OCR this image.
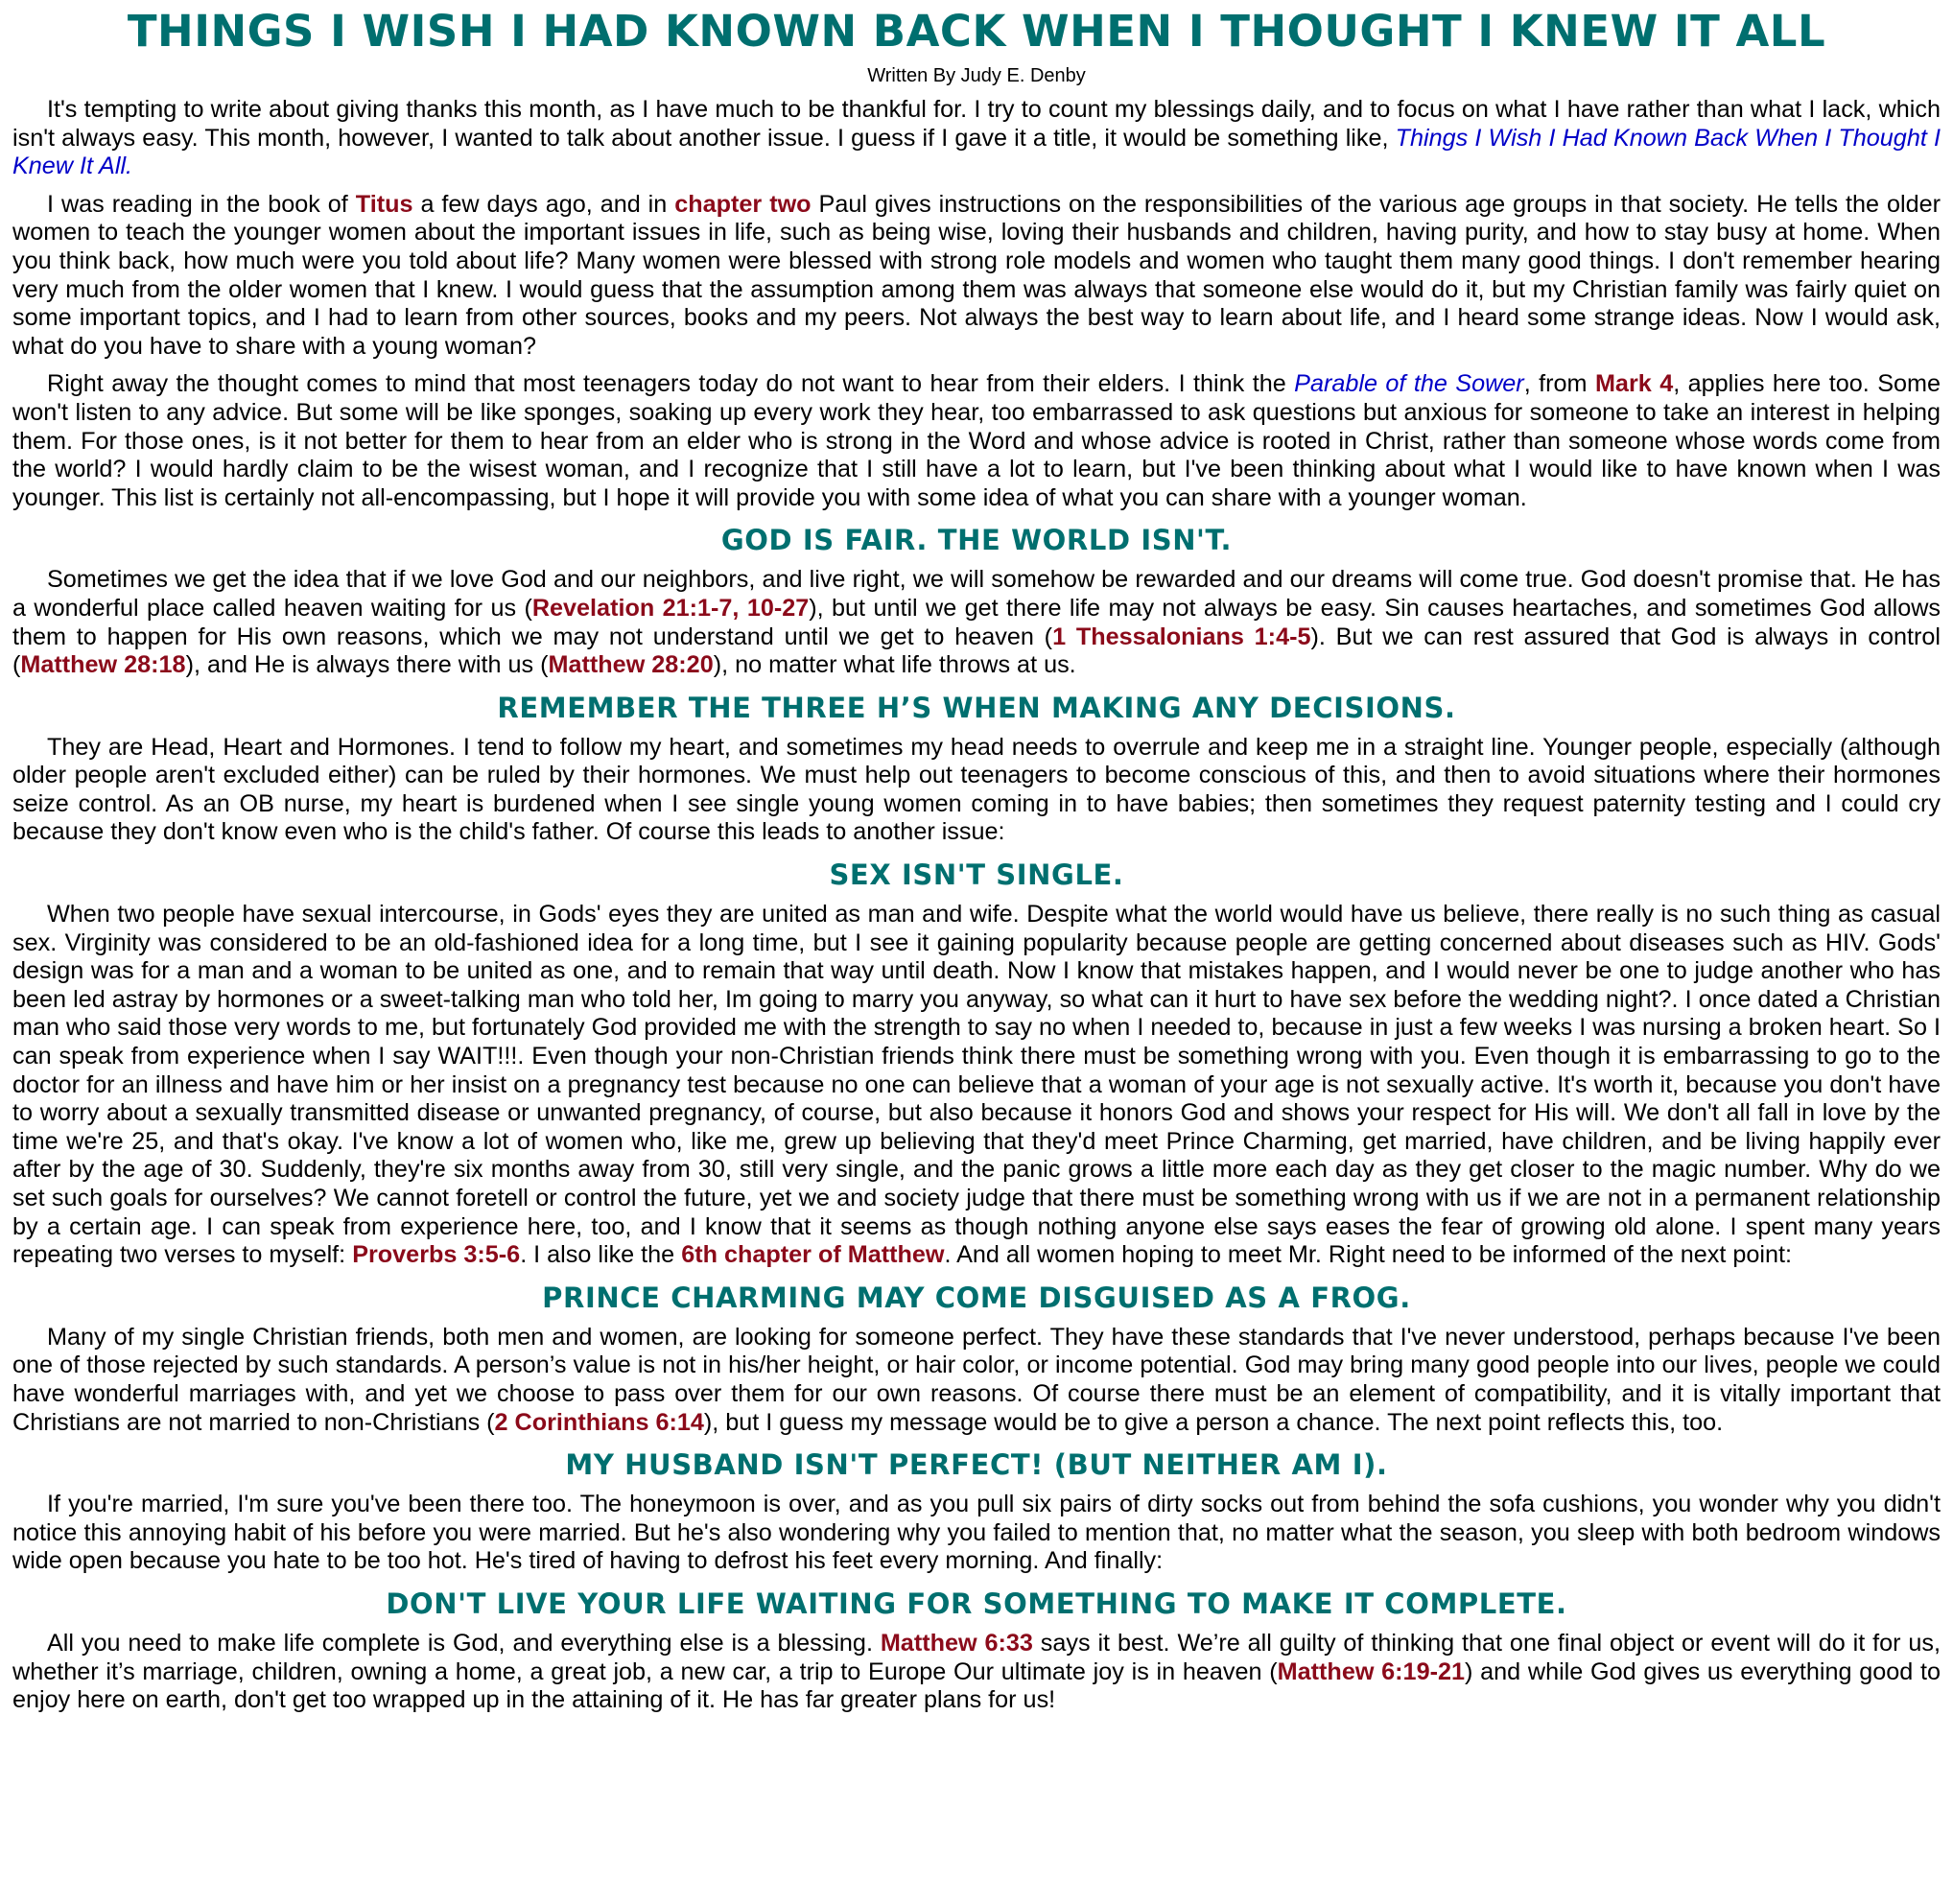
THINGS I WISH I HAD KNOWN BACK WHEN I THOUGHT I KNEW IT ALL
Written By Judy E. Denby

It's tempting to write about giving thanks this month, as I have much to be thankful for. I try to count my blessings daily, and to focus on what I have rather than what I lack, which isn't always easy. This month, however, I wanted to talk about another issue. I guess if I gave it a title, it would be something like, Things I Wish I Had Known Back When I Thought I Knew It All.

I was reading in the book of Titus a few days ago, and in chapter two Paul gives instructions on the responsibilities of the various age groups in that society. He tells the older women to teach the younger women about the important issues in life, such as being wise, loving their husbands and children, having purity, and how to stay busy at home. When you think back, how much were you told about life? Many women were blessed with strong role models and women who taught them many good things. I don't remember hearing very much from the older women that I knew. I would guess that the assumption among them was always that someone else would do it, but my Christian family was fairly quiet on some important topics, and I had to learn from other sources, books and my peers. Not always the best way to learn about life, and I heard some strange ideas. Now I would ask, what do you have to share with a young woman?

Right away the thought comes to mind that most teenagers today do not want to hear from their elders. I think the Parable of the Sower, from Mark 4, applies here too. Some won't listen to any advice. But some will be like sponges, soaking up every work they hear, too embarrassed to ask questions but anxious for someone to take an interest in helping them. For those ones, is it not better for them to hear from an elder who is strong in the Word and whose advice is rooted in Christ, rather than someone whose words come from the world? I would hardly claim to be the wisest woman, and I recognize that I still have a lot to learn, but I've been thinking about what I would like to have known when I was younger. This list is certainly not all-encompassing, but I hope it will provide you with some idea of what you can share with a younger woman.

GOD IS FAIR. THE WORLD ISN'T.

Sometimes we get the idea that if we love God and our neighbors, and live right, we will somehow be rewarded and our dreams will come true. God doesn't promise that. He has a wonderful place called heaven waiting for us (Revelation 21:1-7, 10-27), but until we get there life may not always be easy. Sin causes heartaches, and sometimes God allows them to happen for His own reasons, which we may not understand until we get to heaven (1 Thessalonians 1:4-5). But we can rest assured that God is always in control (Matthew 28:18), and He is always there with us (Matthew 28:20), no matter what life throws at us.

REMEMBER THE THREE H’S WHEN MAKING ANY DECISIONS.

They are Head, Heart and Hormones. I tend to follow my heart, and sometimes my head needs to overrule and keep me in a straight line. Younger people, especially (although older people aren't excluded either) can be ruled by their hormones. We must help out teenagers to become conscious of this, and then to avoid situations where their hormones seize control. As an OB nurse, my heart is burdened when I see single young women coming in to have babies; then sometimes they request paternity testing and I could cry because they don't know even who is the child's father. Of course this leads to another issue:

SEX ISN'T SINGLE.

When two people have sexual intercourse, in Gods' eyes they are united as man and wife. Despite what the world would have us believe, there really is no such thing as casual sex. Virginity was considered to be an old-fashioned idea for a long time, but I see it gaining popularity because people are getting concerned about diseases such as HIV. Gods' design was for a man and a woman to be united as one, and to remain that way until death. Now I know that mistakes happen, and I would never be one to judge another who has been led astray by hormones or a sweet-talking man who told her, Im going to marry you anyway, so what can it hurt to have sex before the wedding night?. I once dated a Christian man who said those very words to me, but fortunately God provided me with the strength to say no when I needed to, because in just a few weeks I was nursing a broken heart. So I can speak from experience when I say WAIT!!!. Even though your non-Christian friends think there must be something wrong with you. Even though it is embarrassing to go to the doctor for an illness and have him or her insist on a pregnancy test because no one can believe that a woman of your age is not sexually active. It's worth it, because you don't have to worry about a sexually transmitted disease or unwanted pregnancy, of course, but also because it honors God and shows your respect for His will. We don't all fall in love by the time we're 25, and that's okay. I've know a lot of women who, like me, grew up believing that they'd meet Prince Charming, get married, have children, and be living happily ever after by the age of 30. Suddenly, they're six months away from 30, still very single, and the panic grows a little more each day as they get closer to the magic number. Why do we set such goals for ourselves? We cannot foretell or control the future, yet we and society judge that there must be something wrong with us if we are not in a permanent relationship by a certain age. I can speak from experience here, too, and I know that it seems as though nothing anyone else says eases the fear of growing old alone. I spent many years repeating two verses to myself: Proverbs 3:5-6. I also like the 6th chapter of Matthew. And all women hoping to meet Mr. Right need to be informed of the next point:

PRINCE CHARMING MAY COME DISGUISED AS A FROG.

Many of my single Christian friends, both men and women, are looking for someone perfect. They have these standards that I've never understood, perhaps because I've been one of those rejected by such standards. A person’s value is not in his/her height, or hair color, or income potential. God may bring many good people into our lives, people we could have wonderful marriages with, and yet we choose to pass over them for our own reasons. Of course there must be an element of compatibility, and it is vitally important that Christians are not married to non-Christians (2 Corinthians 6:14), but I guess my message would be to give a person a chance. The next point reflects this, too.

MY HUSBAND ISN'T PERFECT! (BUT NEITHER AM I).

If you're married, I'm sure you've been there too. The honeymoon is over, and as you pull six pairs of dirty socks out from behind the sofa cushions, you wonder why you didn't notice this annoying habit of his before you were married. But he's also wondering why you failed to mention that, no matter what the season, you sleep with both bedroom windows wide open because you hate to be too hot. He's tired of having to defrost his feet every morning. And finally:

DON'T LIVE YOUR LIFE WAITING FOR SOMETHING TO MAKE IT COMPLETE.

All you need to make life complete is God, and everything else is a blessing. Matthew 6:33 says it best. We’re all guilty of thinking that one final object or event will do it for us, whether it’s marriage, children, owning a home, a great job, a new car, a trip to Europe Our ultimate joy is in heaven (Matthew 6:19-21) and while God gives us everything good to enjoy here on earth, don't get too wrapped up in the attaining of it. He has far greater plans for us!
